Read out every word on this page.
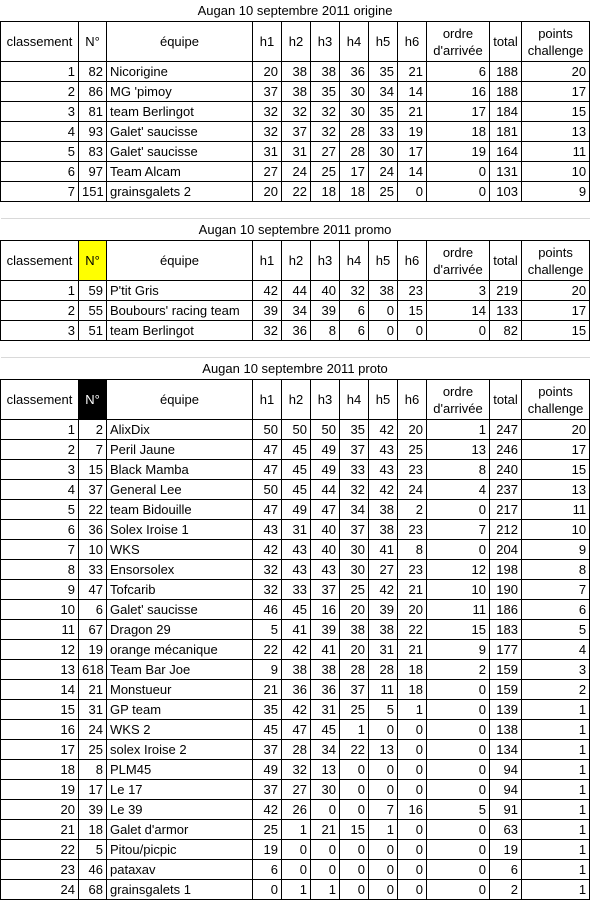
Augan 10 septembre 2011 origine											
classement	N°	équipe	h1	h2	h3	h4	h5	h6	ordre d'arrivée	total	points challenge
1	82	Nicorigine	20	38	38	36	35	21	6	188	20
2	86	MG 'pimoy	37	38	35	30	34	14	16	188	17
3	81	team Berlingot	32	32	32	30	35	21	17	184	15
4	93	Galet' saucisse	32	37	32	28	33	19	18	181	13
5	83	Galet' saucisse	31	31	27	28	30	17	19	164	11
6	97	Team Alcam	27	24	25	17	24	14	0	131	10
7	151	grainsgalets 2	20	22	18	18	25	0	0	103	9

Augan 10 septembre 2011 promo											
classement	N°	équipe	h1	h2	h3	h4	h5	h6	ordre d'arrivée	total	points challenge
1	59	P'tit Gris	42	44	40	32	38	23	3	219	20
2	55	Boubours' racing team	39	34	39	6	0	15	14	133	17
3	51	team Berlingot	32	36	8	6	0	0	0	82	15

Augan 10 septembre 2011 proto											
classement	N°	équipe	h1	h2	h3	h4	h5	h6	ordre d'arrivée	total	points challenge
1	2	AlixDix	50	50	50	35	42	20	1	247	20
2	7	Peril Jaune	47	45	49	37	43	25	13	246	17
3	15	Black Mamba	47	45	49	33	43	23	8	240	15
4	37	General Lee	50	45	44	32	42	24	4	237	13
5	22	team Bidouille	47	49	47	34	38	2	0	217	11
6	36	Solex Iroise 1	43	31	40	37	38	23	7	212	10
7	10	WKS	42	43	40	30	41	8	0	204	9
8	33	Ensorsolex	32	43	43	30	27	23	12	198	8
9	47	Tofcarib	32	33	37	25	42	21	10	190	7
10	6	Galet' saucisse	46	45	16	20	39	20	11	186	6
11	67	Dragon 29	5	41	39	38	38	22	15	183	5
12	19	orange mécanique	22	42	41	20	31	21	9	177	4
13	618	Team Bar Joe	9	38	38	28	28	18	2	159	3
14	21	Monstueur	21	36	36	37	11	18	0	159	2
15	31	GP team	35	42	31	25	5	1	0	139	1
16	24	WKS 2	45	47	45	1	0	0	0	138	1
17	25	solex Iroise 2	37	28	34	22	13	0	0	134	1
18	8	PLM45	49	32	13	0	0	0	0	94	1
19	17	Le 17	37	27	30	0	0	0	0	94	1
20	39	Le 39	42	26	0	0	7	16	5	91	1
21	18	Galet d'armor	25	1	21	15	1	0	0	63	1
22	5	Pitou/picpic	19	0	0	0	0	0	0	19	1
23	46	pataxav	6	0	0	0	0	0	0	6	1
24	68	grainsgalets 1	0	1	1	0	0	0	0	2	1
